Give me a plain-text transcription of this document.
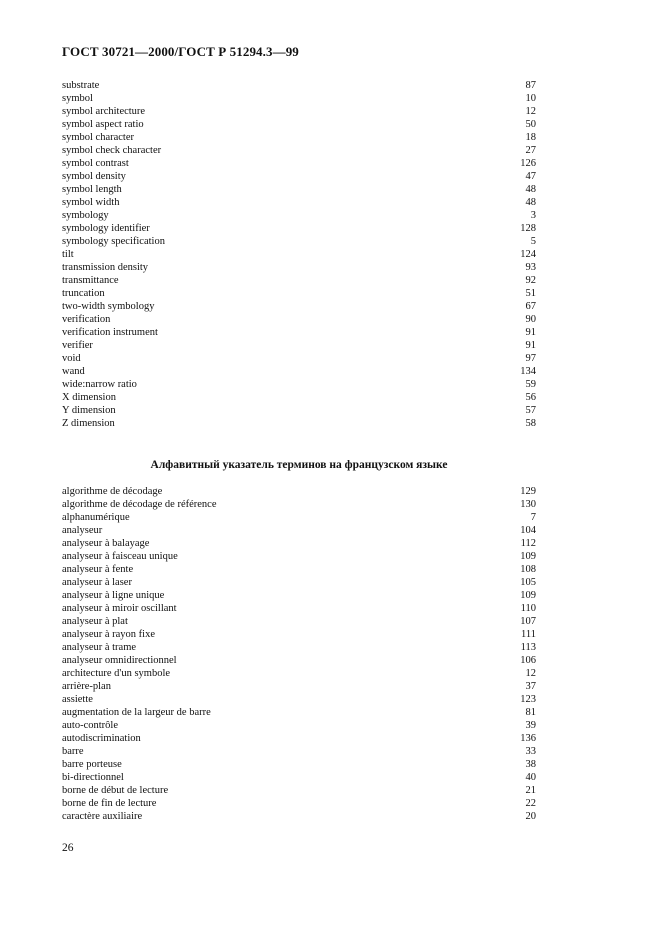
ГОСТ 30721—2000/ГОСТ Р 51294.3—99
substrate	87
symbol	10
symbol architecture	12
symbol aspect ratio	50
symbol character	18
symbol check character	27
symbol contrast	126
symbol density	47
symbol length	48
symbol width	48
symbology	3
symbology identifier	128
symbology specification	5
tilt	124
transmission density	93
transmittance	92
truncation	51
two-width symbology	67
verification	90
verification instrument	91
verifier	91
void	97
wand	134
wide:narrow ratio	59
X dimension	56
Y dimension	57
Z dimension	58
Алфавитный указатель терминов на французском языке
algorithme de décodage	129
algorithme de décodage de référence	130
alphanumérique	7
analyseur	104
analyseur à balayage	112
analyseur à faisceau unique	109
analyseur à fente	108
analyseur à laser	105
analyseur à ligne unique	109
analyseur à miroir oscillant	110
analyseur à plat	107
analyseur à rayon fixe	111
analyseur à trame	113
analyseur omnidirectionnel	106
architecture d'un symbole	12
arrière-plan	37
assiette	123
augmentation de la largeur de barre	81
auto-contrôle	39
autodiscrimination	136
barre	33
barre porteuse	38
bi-directionnel	40
borne de début de lecture	21
borne de fin de lecture	22
caractère auxiliaire	20
26
